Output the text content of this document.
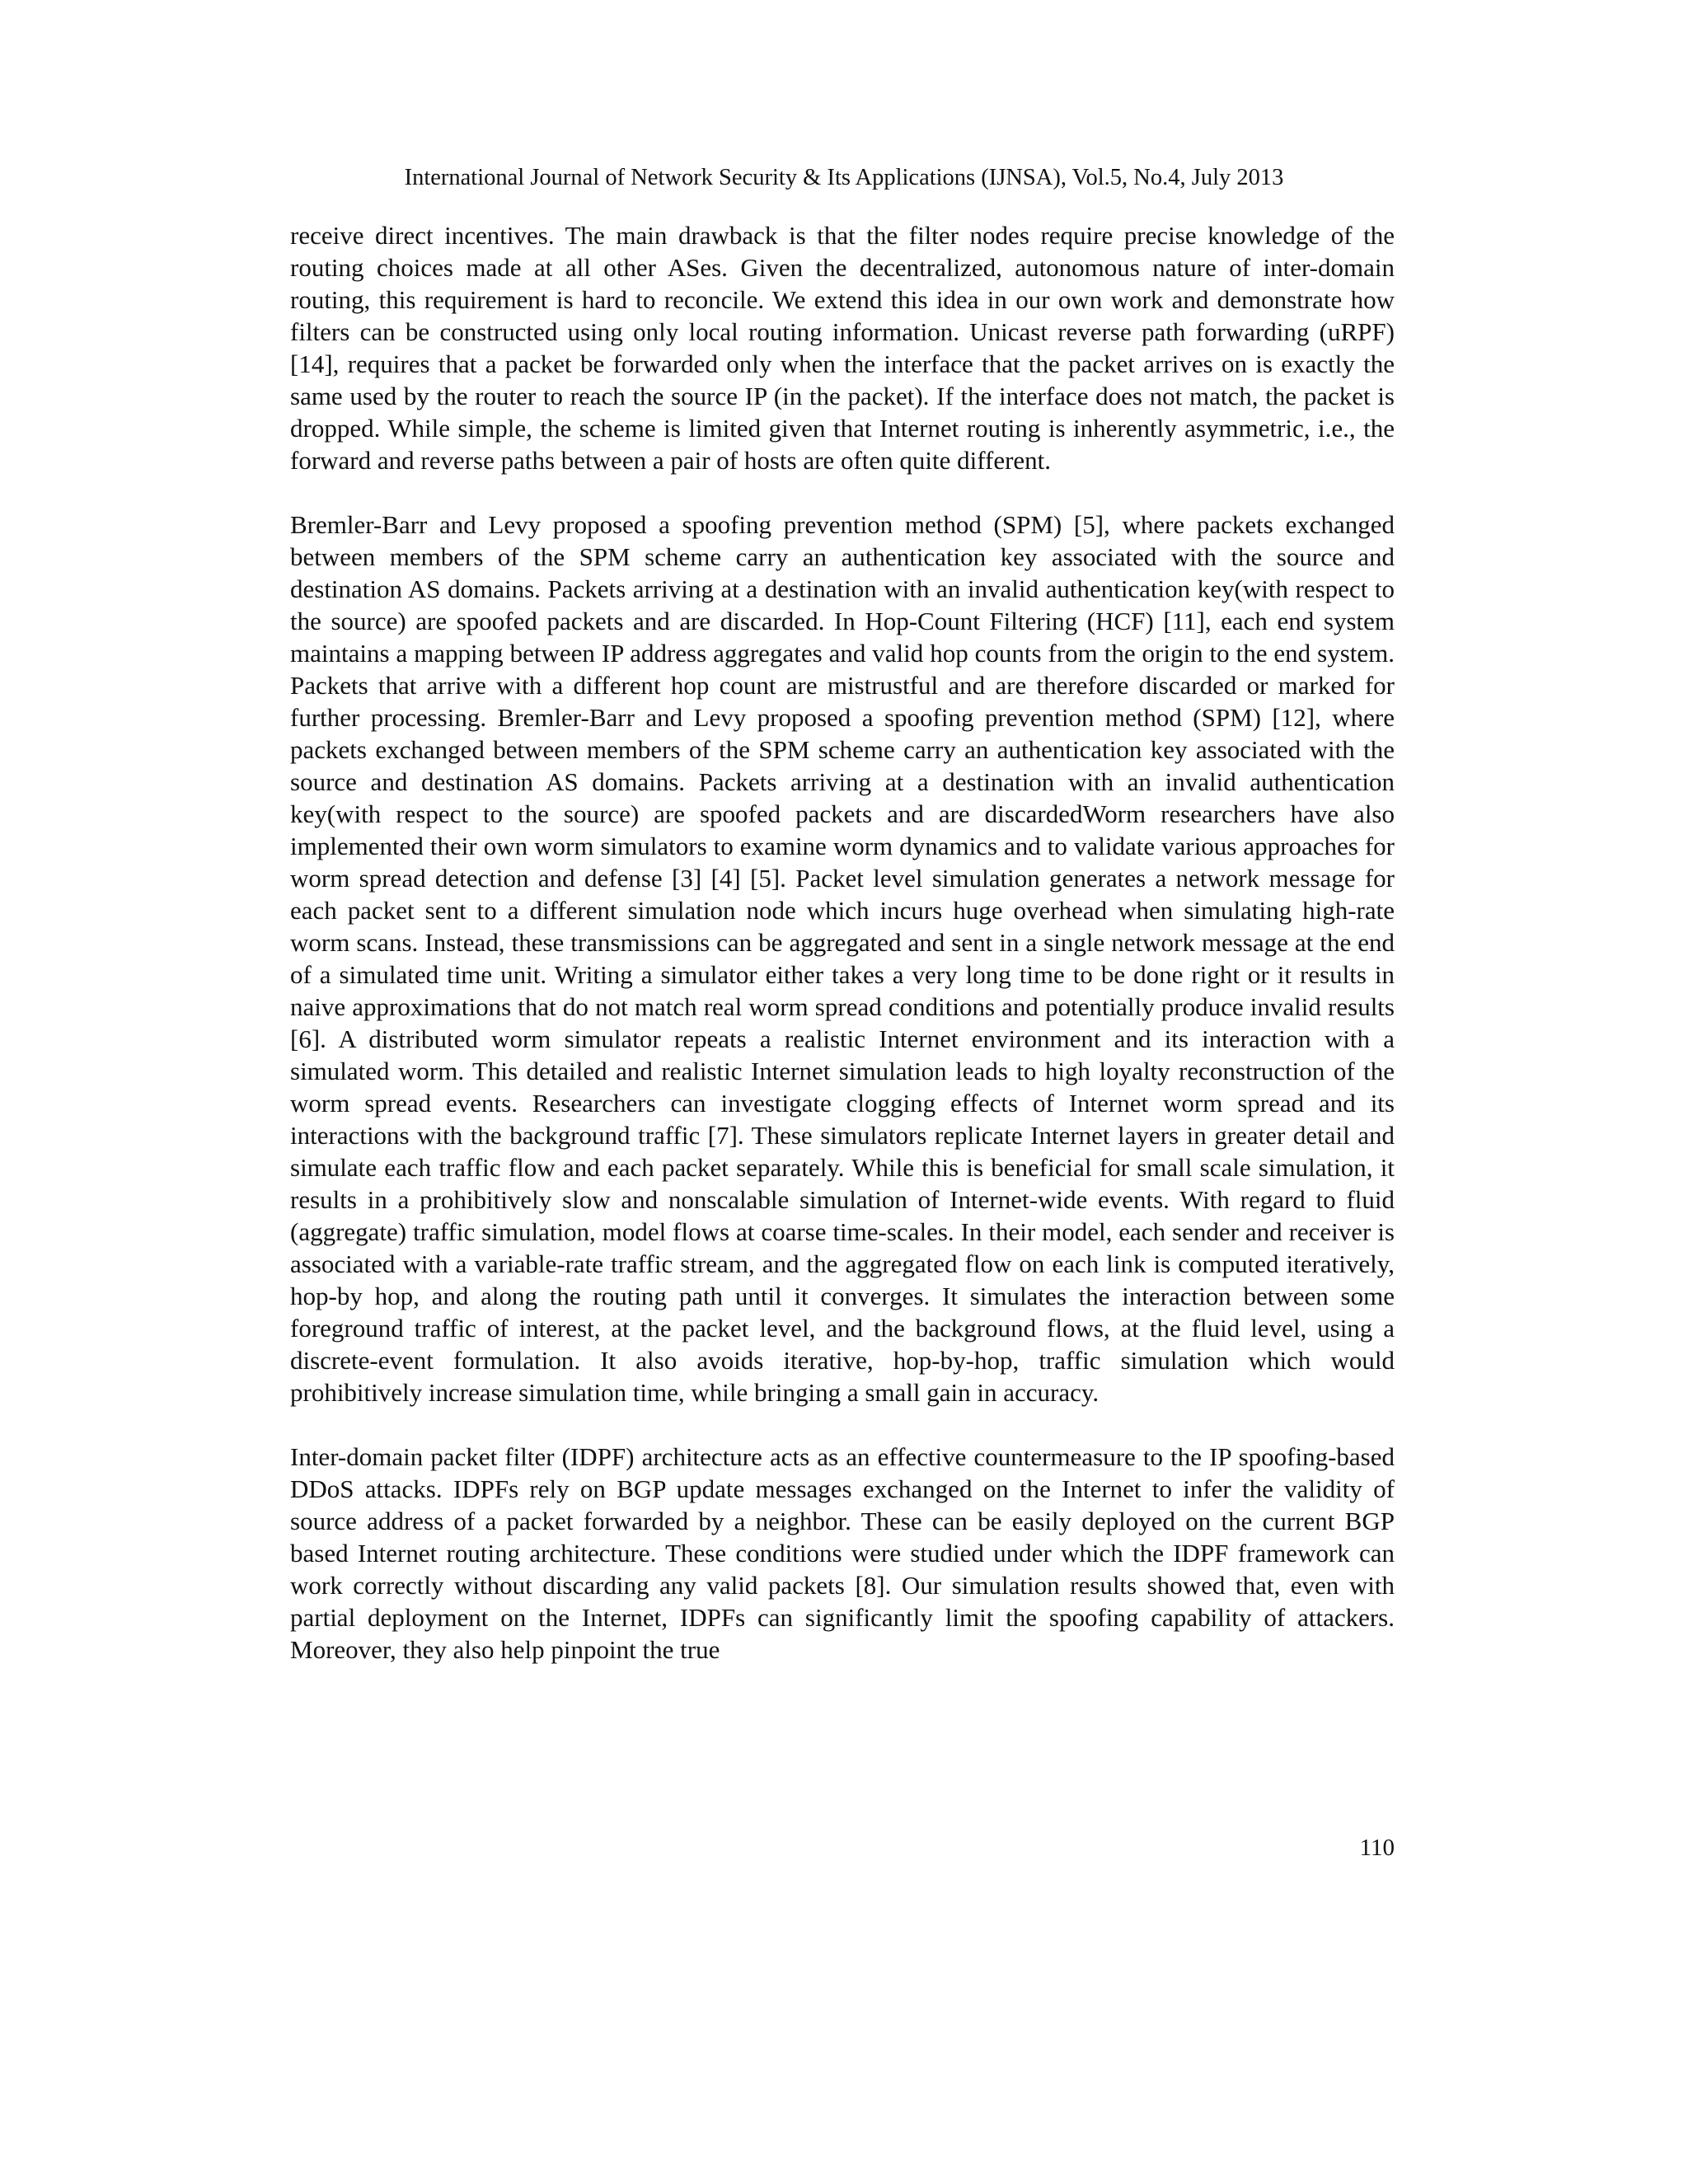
International Journal of Network Security & Its Applications (IJNSA), Vol.5, No.4, July 2013

receive direct incentives. The main drawback is that the filter nodes require precise knowledge of the routing choices made at all other ASes. Given the decentralized, autonomous nature of inter-domain routing, this requirement is hard to reconcile. We extend this idea in our own work and demonstrate how filters can be constructed using only local routing information. Unicast reverse path forwarding (uRPF)[14], requires that a packet be forwarded only when the interface that the packet arrives on is exactly the same used by the router to reach the source IP (in the packet). If the interface does not match, the packet is dropped. While simple, the scheme is limited given that Internet routing is inherently asymmetric, i.e., the forward and reverse paths between a pair of hosts are often quite different.

Bremler-Barr and Levy proposed a spoofing prevention method (SPM) [5], where packets exchanged between members of the SPM scheme carry an authentication key associated with the source and destination AS domains. Packets arriving at a destination with an invalid authentication key(with respect to the source) are spoofed packets and are discarded. In Hop-Count Filtering (HCF) [11], each end system maintains a mapping between IP address aggregates and valid hop counts from the origin to the end system. Packets that arrive with a different hop count are mistrustful and are therefore discarded or marked for further processing. Bremler-Barr and Levy proposed a spoofing prevention method (SPM) [12], where packets exchanged between members of the SPM scheme carry an authentication key associated with the source and destination AS domains. Packets arriving at a destination with an invalid authentication key(with respect to the source) are spoofed packets and are discardedWorm researchers have also implemented their own worm simulators to examine worm dynamics and to validate various approaches for worm spread detection and defense [3] [4] [5]. Packet level simulation generates a network message for each packet sent to a different simulation node which incurs huge overhead when simulating high-rate worm scans. Instead, these transmissions can be aggregated and sent in a single network message at the end of a simulated time unit. Writing a simulator either takes a very long time to be done right or it results in naive approximations that do not match real worm spread conditions and potentially produce invalid results [6]. A distributed worm simulator repeats a realistic Internet environment and its interaction with a simulated worm. This detailed and realistic Internet simulation leads to high loyalty reconstruction of the worm spread events. Researchers can investigate clogging effects of Internet worm spread and its interactions with the background traffic [7]. These simulators replicate Internet layers in greater detail and simulate each traffic flow and each packet separately. While this is beneficial for small scale simulation, it results in a prohibitively slow and nonscalable simulation of Internet-wide events. With regard to fluid (aggregate) traffic simulation, model flows at coarse time-scales. In their model, each sender and receiver is associated with a variable-rate traffic stream, and the aggregated flow on each link is computed iteratively, hop-by hop, and along the routing path until it converges. It simulates the interaction between some foreground traffic of interest, at the packet level, and the background flows, at the fluid level, using a discrete-event formulation. It also avoids iterative, hop-by-hop, traffic simulation which would prohibitively increase simulation time, while bringing a small gain in accuracy.

Inter-domain packet filter (IDPF) architecture acts as an effective countermeasure to the IP spoofing-based DDoS attacks. IDPFs rely on BGP update messages exchanged on the Internet to infer the validity of source address of a packet forwarded by a neighbor. These can be easily deployed on the current BGP based Internet routing architecture. These conditions were studied under which the IDPF framework can work correctly without discarding any valid packets [8]. Our simulation results showed that, even with partial deployment on the Internet, IDPFs can significantly limit the spoofing capability of attackers. Moreover, they also help pinpoint the true

110
